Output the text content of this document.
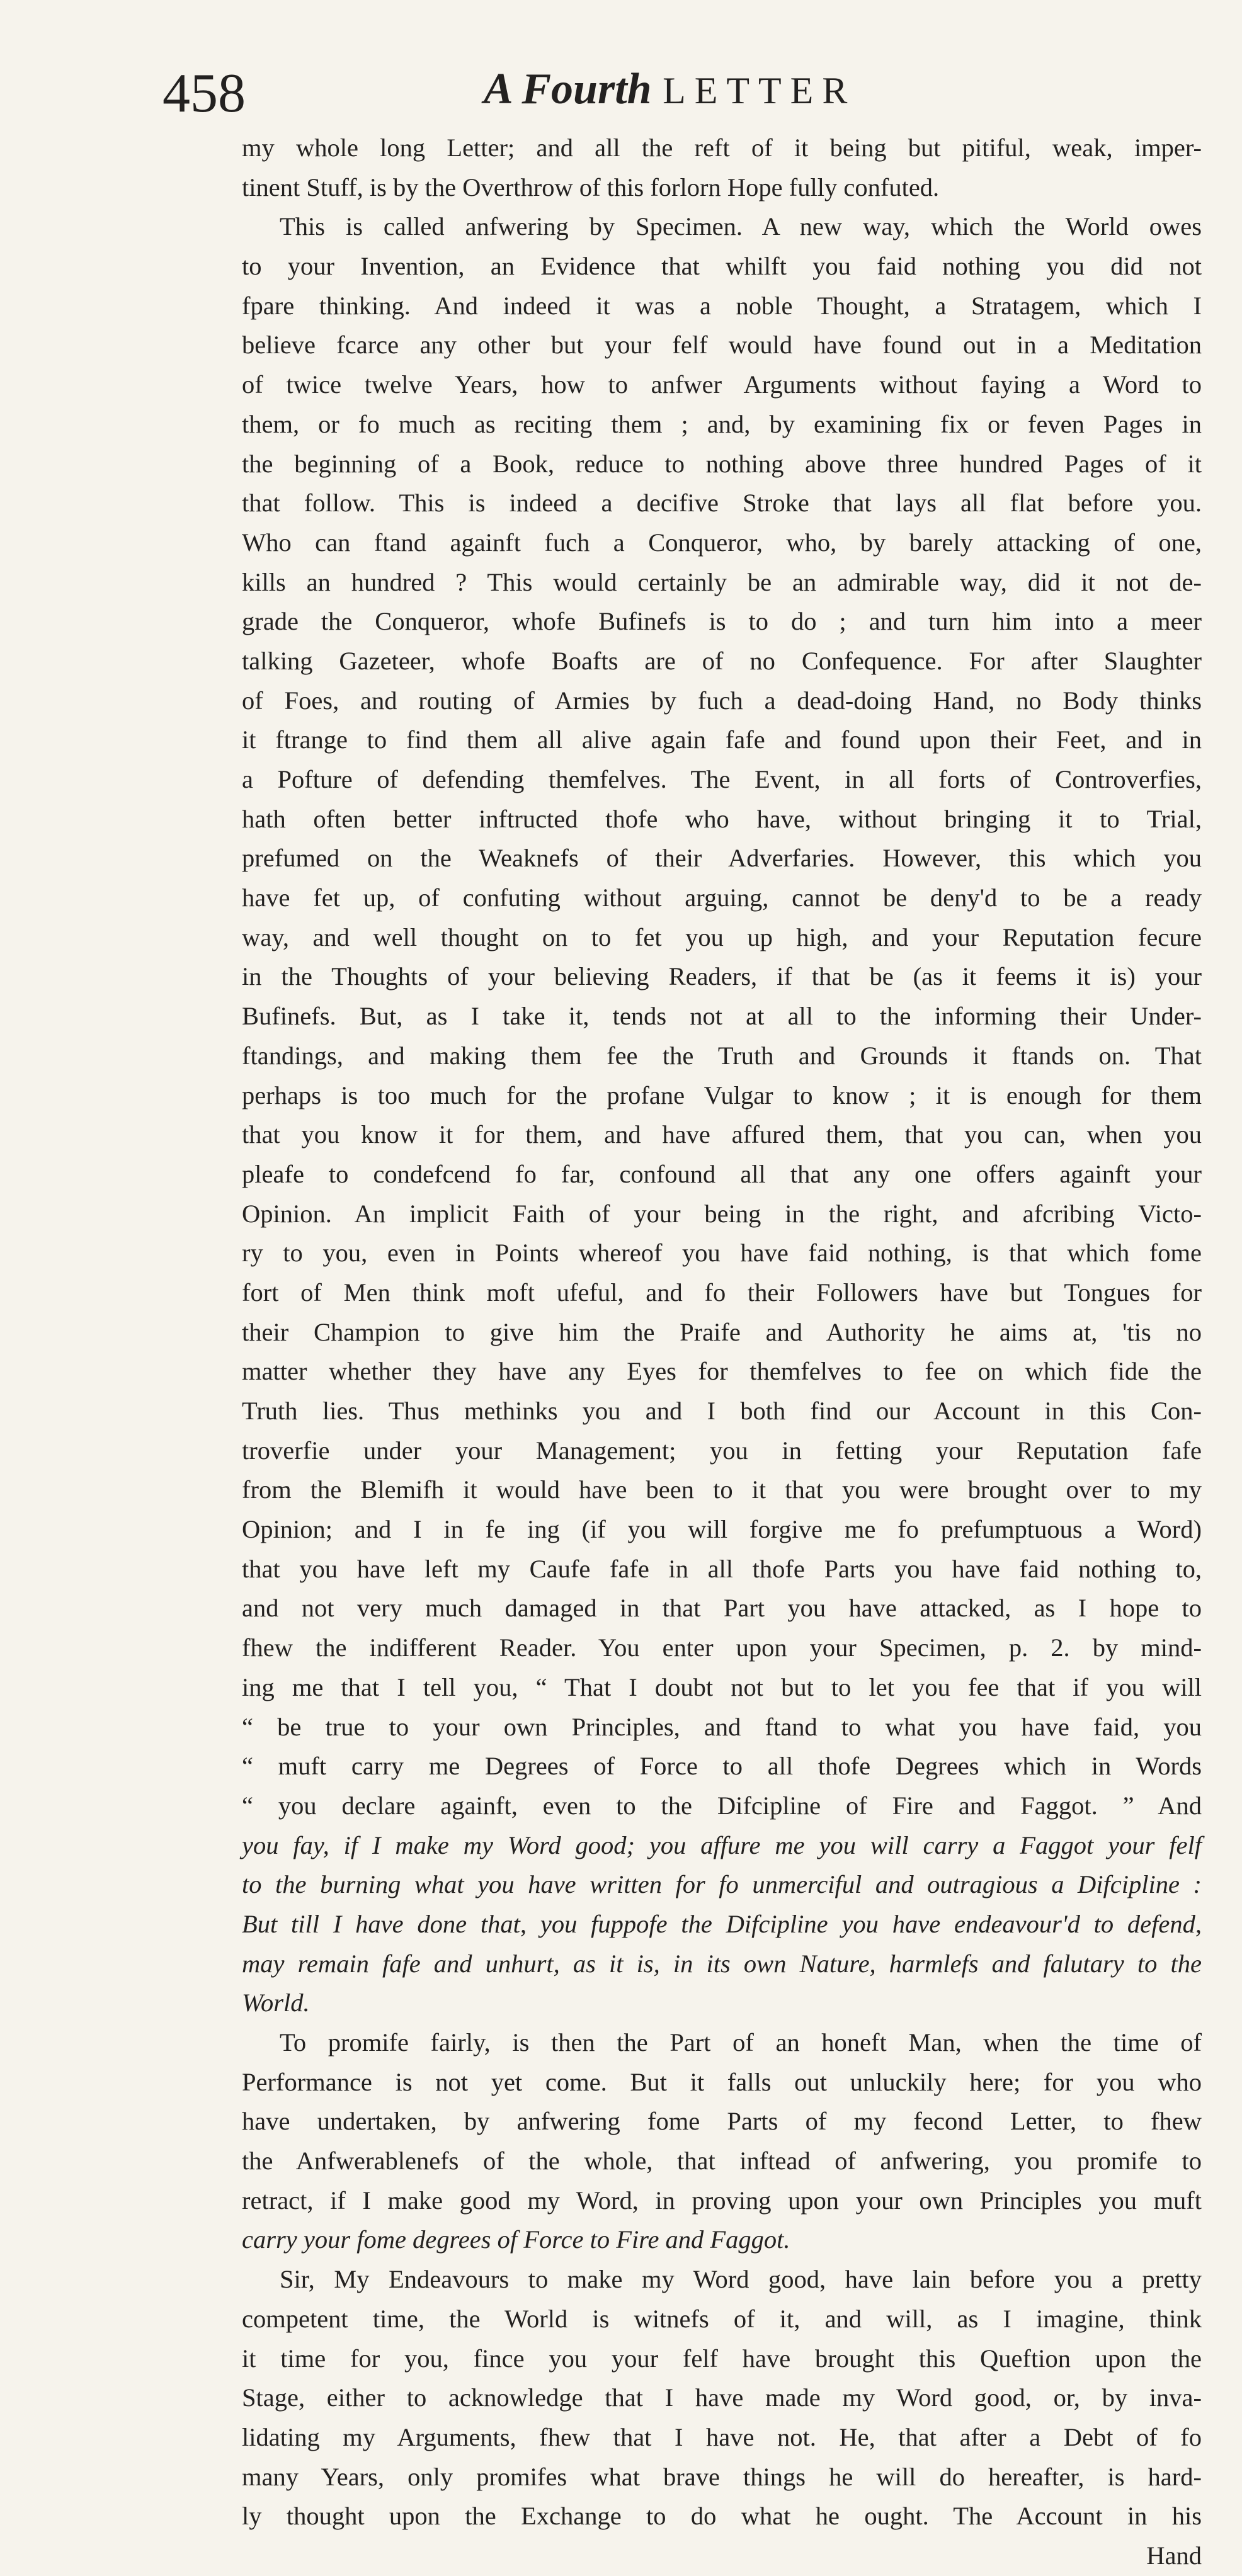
458	A Fourth LETTER
my whole long Letter; and all the reft of it being but pitiful, weak, imper-
tinent Stuff, is by the Overthrow of this forlorn Hope fully confuted.
This is called anfwering by Specimen. A new way, which the World owes
to your Invention, an Evidence that whilft you faid nothing you did not
fpare thinking. And indeed it was a noble Thought, a Stratagem, which I
believe fcarce any other but your felf would have found out in a Meditation
of twice twelve Years, how to anfwer Arguments without faying a Word to
them, or fo much as reciting them ; and, by examining fix or feven Pages in
the beginning of a Book, reduce to nothing above three hundred Pages of it
that follow. This is indeed a decifive Stroke that lays all flat before you.
Who can ftand againft fuch a Conqueror, who, by barely attacking of one,
kills an hundred ? This would certainly be an admirable way, did it not de-
grade the Conqueror, whofe Bufinefs is to do ; and turn him into a meer
talking Gazeteer, whofe Boafts are of no Confequence. For after Slaughter
of Foes, and routing of Armies by fuch a dead-doing Hand, no Body thinks
it ftrange to find them all alive again fafe and found upon their Feet, and in
a Pofture of defending themfelves. The Event, in all forts of Controverfies,
hath often better inftructed thofe who have, without bringing it to Trial,
prefumed on the Weaknefs of their Adverfaries. However, this which you
have fet up, of confuting without arguing, cannot be deny'd to be a ready
way, and well thought on to fet you up high, and your Reputation fecure
in the Thoughts of your believing Readers, if that be (as it feems it is) your
Bufinefs. But, as I take it, tends not at all to the informing their Under-
ftandings, and making them fee the Truth and Grounds it ftands on. That
perhaps is too much for the profane Vulgar to know ; it is enough for them
that you know it for them, and have affured them, that you can, when you
pleafe to condefcend fo far, confound all that any one offers againft your
Opinion. An implicit Faith of your being in the right, and afcribing Victo-
ry to you, even in Points whereof you have faid nothing, is that which fome
fort of Men think moft ufeful, and fo their Followers have but Tongues for
their Champion to give him the Praife and Authority he aims at, 'tis no
matter whether they have any Eyes for themfelves to fee on which fide the
Truth lies. Thus methinks you and I both find our Account in this Con-
troverfie under your Management; you in fetting your Reputation fafe
from the Blemifh it would have been to it that you were brought over to my
Opinion; and I in fe ing (if you will forgive me fo prefumptuous a Word)
that you have left my Caufe fafe in all thofe Parts you have faid nothing to,
and not very much damaged in that Part you have attacked, as I hope to
fhew the indifferent Reader. You enter upon your Specimen, p. 2. by mind-
ing me that I tell you, “ That I doubt not but to let you fee that if you will
“ be true to your own Principles, and ftand to what you have faid, you
“ muft carry me Degrees of Force to all thofe Degrees which in Words
“ you declare againft, even to the Difcipline of Fire and Faggot. ” And
you fay, if I make my Word good; you affure me you will carry a Faggot your felf
to the burning what you have written for fo unmerciful and outragious a Difcipline :
But till I have done that, you fuppofe the Difcipline you have endeavour'd to defend,
may remain fafe and unhurt, as it is, in its own Nature, harmlefs and falutary to the
World.
To promife fairly, is then the Part of an honeft Man, when the time of
Performance is not yet come. But it falls out unluckily here; for you who
have undertaken, by anfwering fome Parts of my fecond Letter, to fhew
the Anfwerablenefs of the whole, that inftead of anfwering, you promife to
retract, if I make good my Word, in proving upon your own Principles you muft
carry your fome degrees of Force to Fire and Faggot.
Sir, My Endeavours to make my Word good, have lain before you a pretty
competent time, the World is witnefs of it, and will, as I imagine, think
it time for you, fince you your felf have brought this Queftion upon the
Stage, either to acknowledge that I have made my Word good, or, by inva-
lidating my Arguments, fhew that I have not. He, that after a Debt of fo
many Years, only promifes what brave things he will do hereafter, is hard-
ly thought upon the Exchange to do what he ought. The Account in his
Hand
